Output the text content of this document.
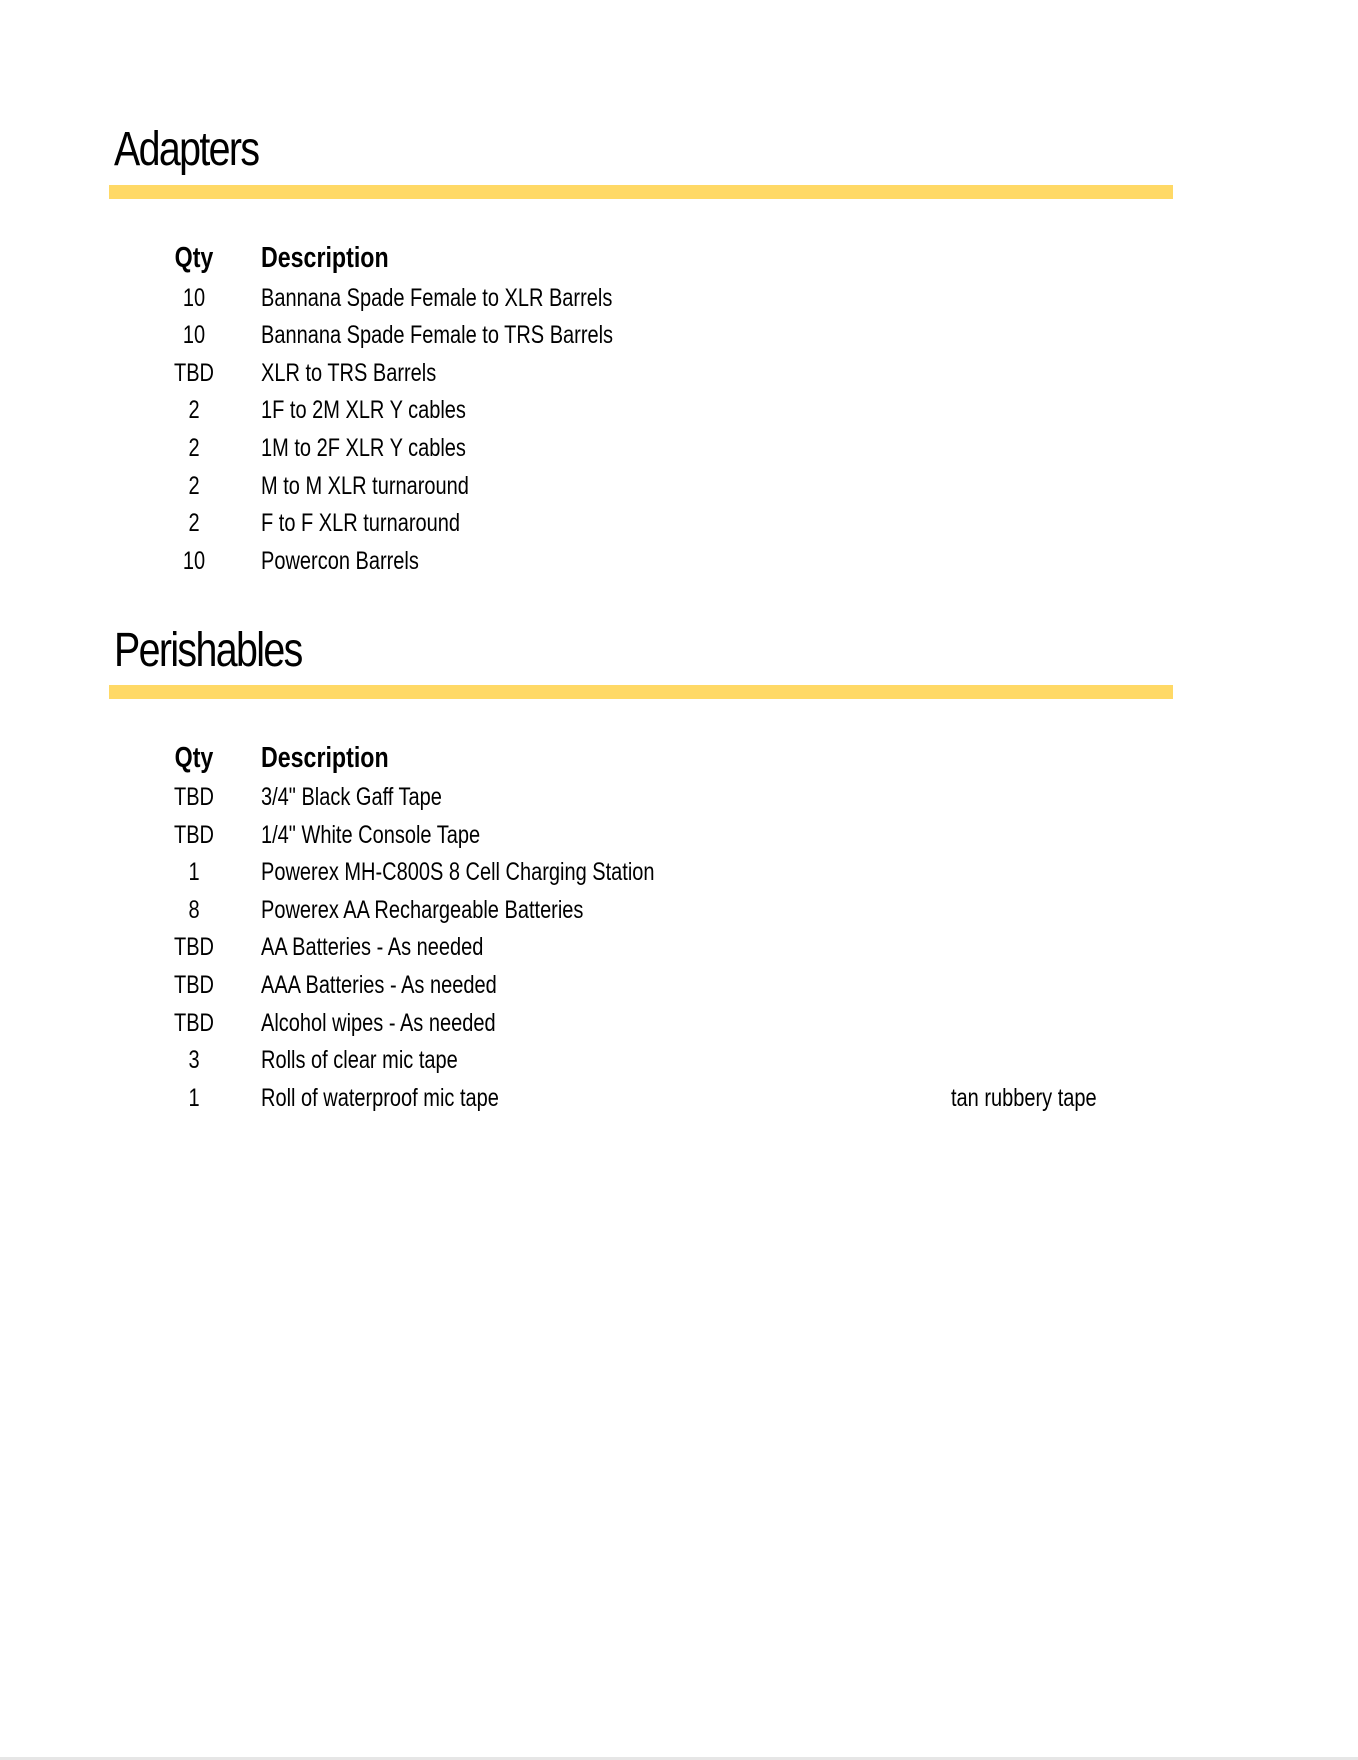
Adapters
Qty	Description
10	Bannana Spade Female to XLR Barrels
10	Bannana Spade Female to TRS Barrels
TBD	XLR to TRS Barrels
2	1F to 2M XLR Y cables
2	1M to 2F XLR Y cables
2	M to M XLR turnaround
2	F to F XLR turnaround
10	Powercon Barrels
Perishables
Qty	Description
TBD	3/4" Black Gaff Tape
TBD	1/4" White Console Tape
1	Powerex MH-C800S 8 Cell Charging Station
8	Powerex AA Rechargeable Batteries
TBD	AA Batteries - As needed
TBD	AAA Batteries - As needed
TBD	Alcohol wipes - As needed
3	Rolls of clear mic tape
1	Roll of waterproof mic tape	tan rubbery tape
